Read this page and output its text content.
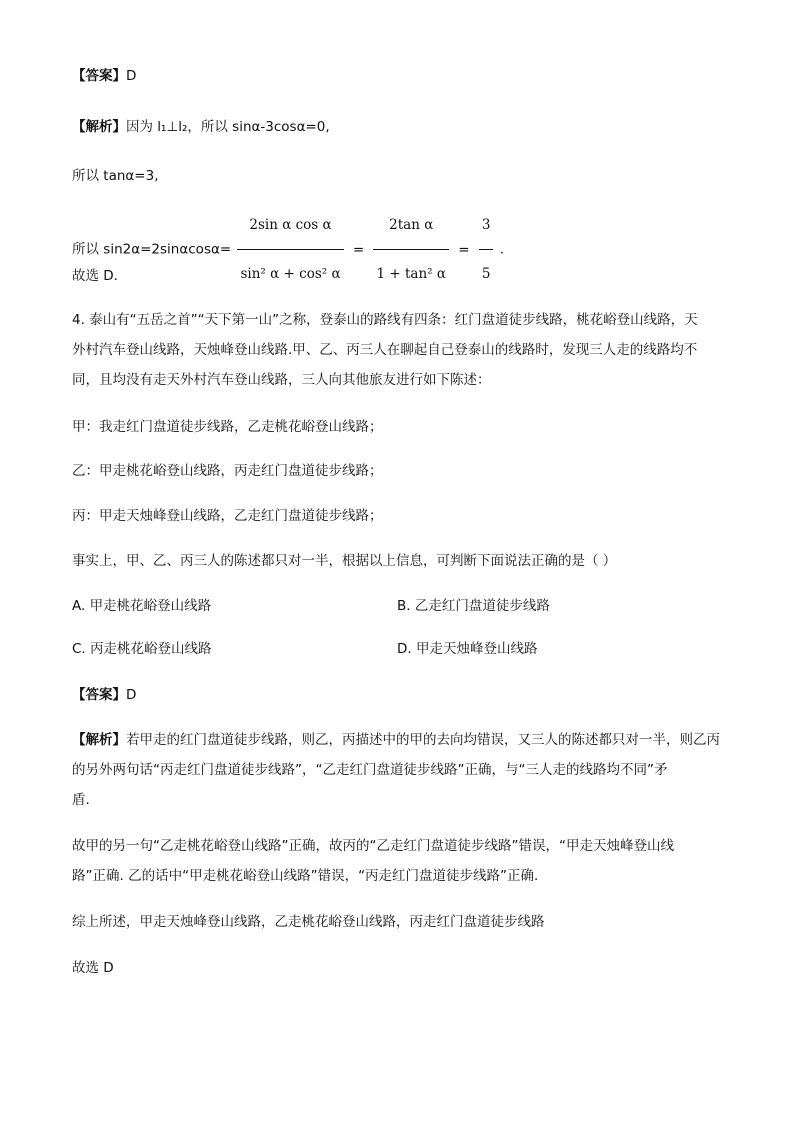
【答案】D
【解析】因为 l₁⊥l₂，所以 sinα-3cosα=0,
所以 tanα=3,
所以 $\sin 2\alpha=2\sin\alpha\cos\alpha= \frac{\text{2sin α cos α}}{\text{sin² α + cos² α}} = \frac{\text{2tan α}}{\text{1 + tan² α}} = \frac{3}{5}$ .
故选 D.
4. 泰山有“五岳之首”“天下第一山”之称，登泰山的路线有四条：红门盘道徒步线路，桃花峪登山线路，天
外村汽车登山线路，天烛峰登山线路.甲、乙、丙三人在聊起自己登泰山的线路时，发现三人走的线路均不
同，且均没有走天外村汽车登山线路，三人向其他旅友进行如下陈述：
甲：我走红门盘道徒步线路，乙走桃花峪登山线路；
乙：甲走桃花峪登山线路，丙走红门盘道徒步线路；
丙：甲走天烛峰登山线路，乙走红门盘道徒步线路；
事实上，甲、乙、丙三人的陈述都只对一半，根据以上信息，可判断下面说法正确的是（ ）
A. 甲走桃花峪登山线路	B. 乙走红门盘道徒步线路
C. 丙走桃花峪登山线路	D. 甲走天烛峰登山线路
【答案】D
【解析】若甲走的红门盘道徒步线路，则乙，丙描述中的甲的去向均错误，又三人的陈述都只对一半，则乙丙
的另外两句话“丙走红门盘道徒步线路”，“乙走红门盘道徒步线路”正确，与“三人走的线路均不同”矛
盾.
故甲的另一句“乙走桃花峪登山线路”正确，故丙的“乙走红门盘道徒步线路”错误，“甲走天烛峰登山线
路”正确. 乙的话中“甲走桃花峪登山线路”错误，“丙走红门盘道徒步线路”正确.
综上所述，甲走天烛峰登山线路，乙走桃花峪登山线路，丙走红门盘道徒步线路
故选 D
